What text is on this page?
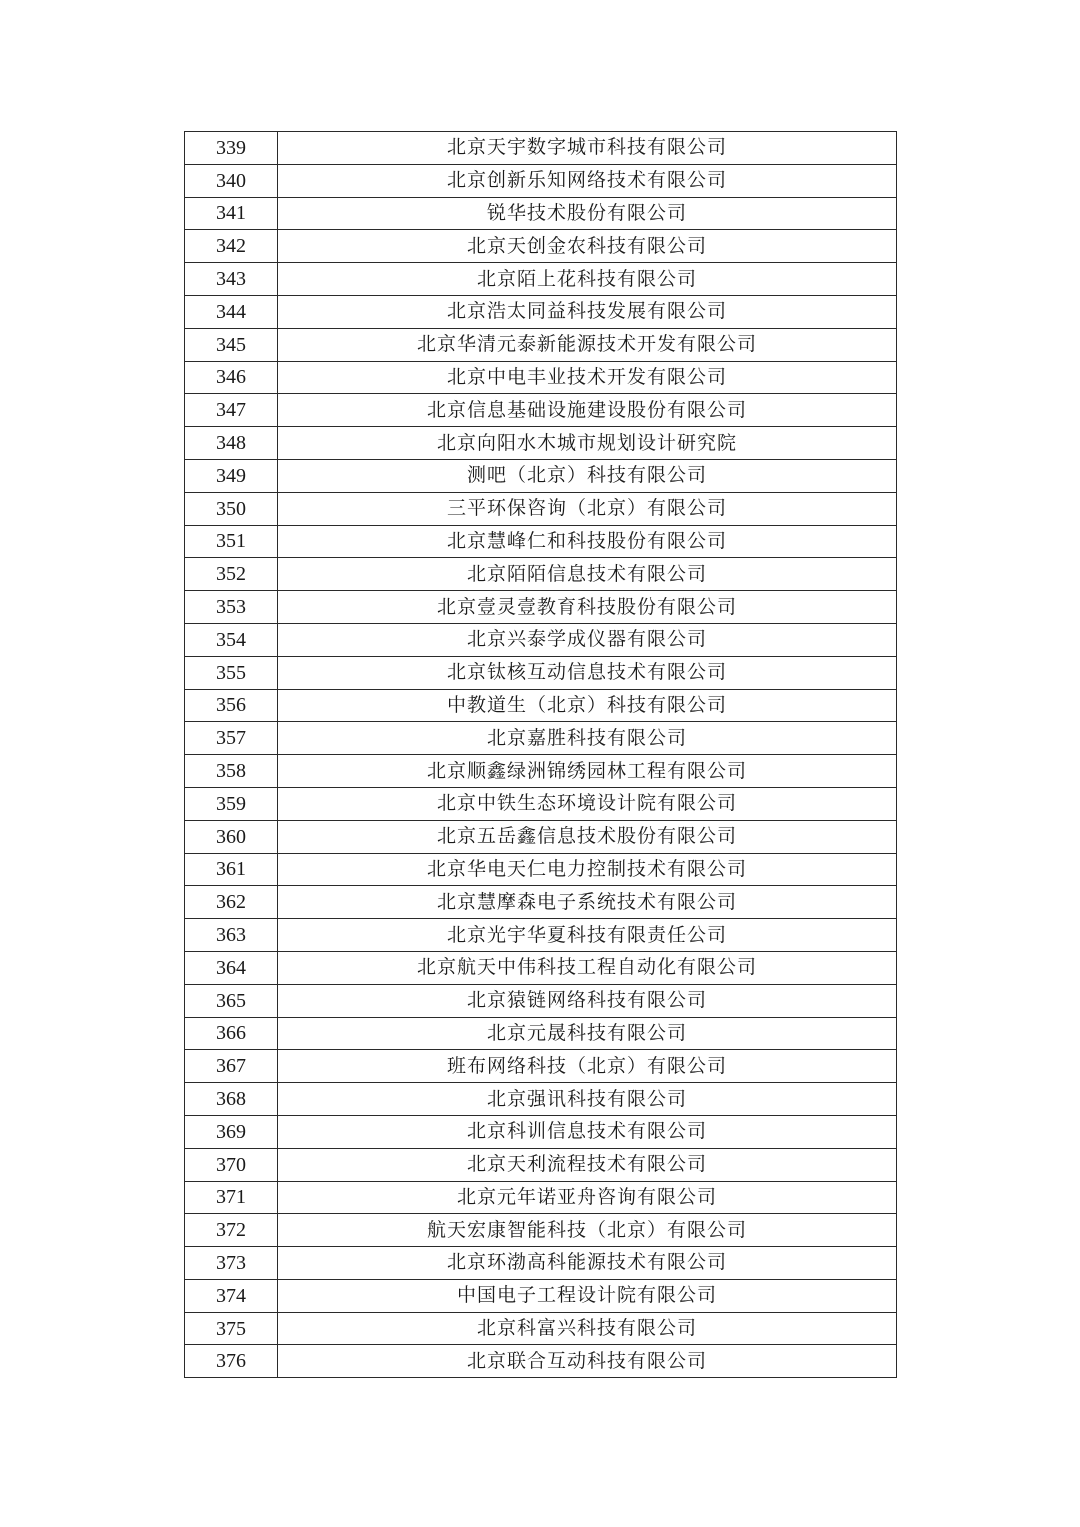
339	北京天宇数字城市科技有限公司
340	北京创新乐知网络技术有限公司
341	锐华技术股份有限公司
342	北京天创金农科技有限公司
343	北京陌上花科技有限公司
344	北京浩太同益科技发展有限公司
345	北京华清元泰新能源技术开发有限公司
346	北京中电丰业技术开发有限公司
347	北京信息基础设施建设股份有限公司
348	北京向阳水木城市规划设计研究院
349	测吧（北京）科技有限公司
350	三平环保咨询（北京）有限公司
351	北京慧峰仁和科技股份有限公司
352	北京陌陌信息技术有限公司
353	北京壹灵壹教育科技股份有限公司
354	北京兴泰学成仪器有限公司
355	北京钛核互动信息技术有限公司
356	中教道生（北京）科技有限公司
357	北京嘉胜科技有限公司
358	北京顺鑫绿洲锦绣园林工程有限公司
359	北京中铁生态环境设计院有限公司
360	北京五岳鑫信息技术股份有限公司
361	北京华电天仁电力控制技术有限公司
362	北京慧摩森电子系统技术有限公司
363	北京光宇华夏科技有限责任公司
364	北京航天中伟科技工程自动化有限公司
365	北京猿链网络科技有限公司
366	北京元晟科技有限公司
367	班布网络科技（北京）有限公司
368	北京强讯科技有限公司
369	北京科训信息技术有限公司
370	北京天利流程技术有限公司
371	北京元年诺亚舟咨询有限公司
372	航天宏康智能科技（北京）有限公司
373	北京环渤高科能源技术有限公司
374	中国电子工程设计院有限公司
375	北京科富兴科技有限公司
376	北京联合互动科技有限公司
